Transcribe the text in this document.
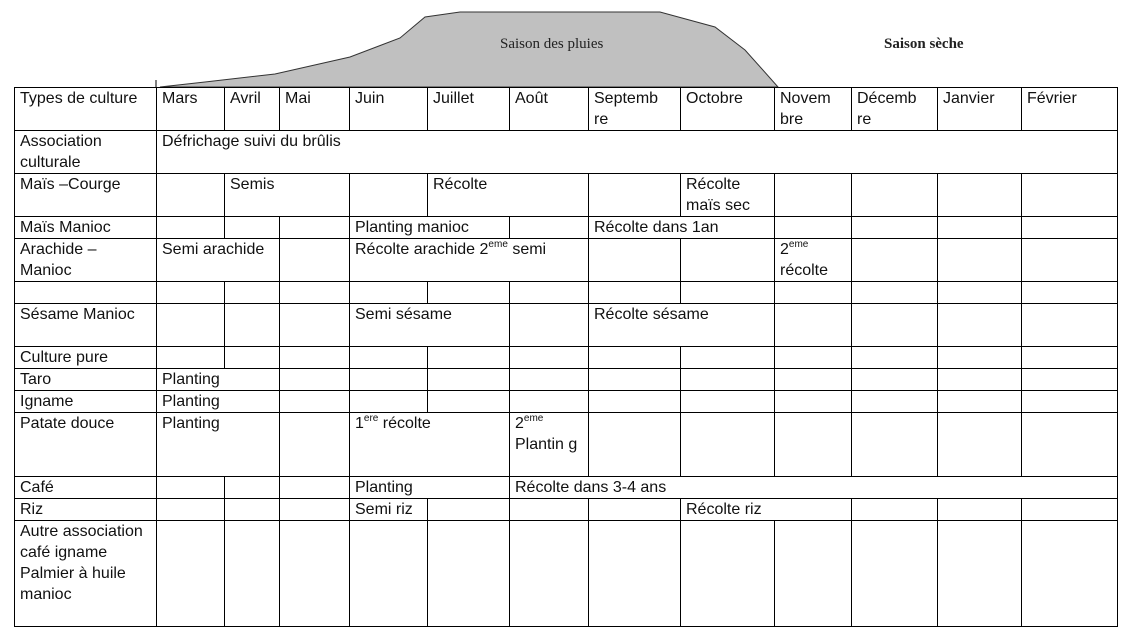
Saison des pluies	Saison sèche
Types de culture	Mars	Avril	Mai	Juin	Juillet	Août	Septemb re	Octobre	Novem bre	Décemb re	Janvier	Février
Association culturale	Défrichage suivi du brûlis											
Maïs –Courge		Semis			Récolte			Récolte maïs sec				
Maïs Manioc				Planting manioc			Récolte dans 1an					
Arachide – Manioc	Semi arachide			Récolte arachide 2eme semi					2eme récolte			

Sésame Manioc				Semi sésame			Récolte sésame					
Culture pure												
Taro	Planting											
Igname	Planting											
Patate douce	Planting			1ere récolte		2eme Plantin g						
Café				Planting		Récolte dans 3-4 ans						
Riz				Semi riz				Récolte riz				
Autre association café igname Palmier à huile manioc												
